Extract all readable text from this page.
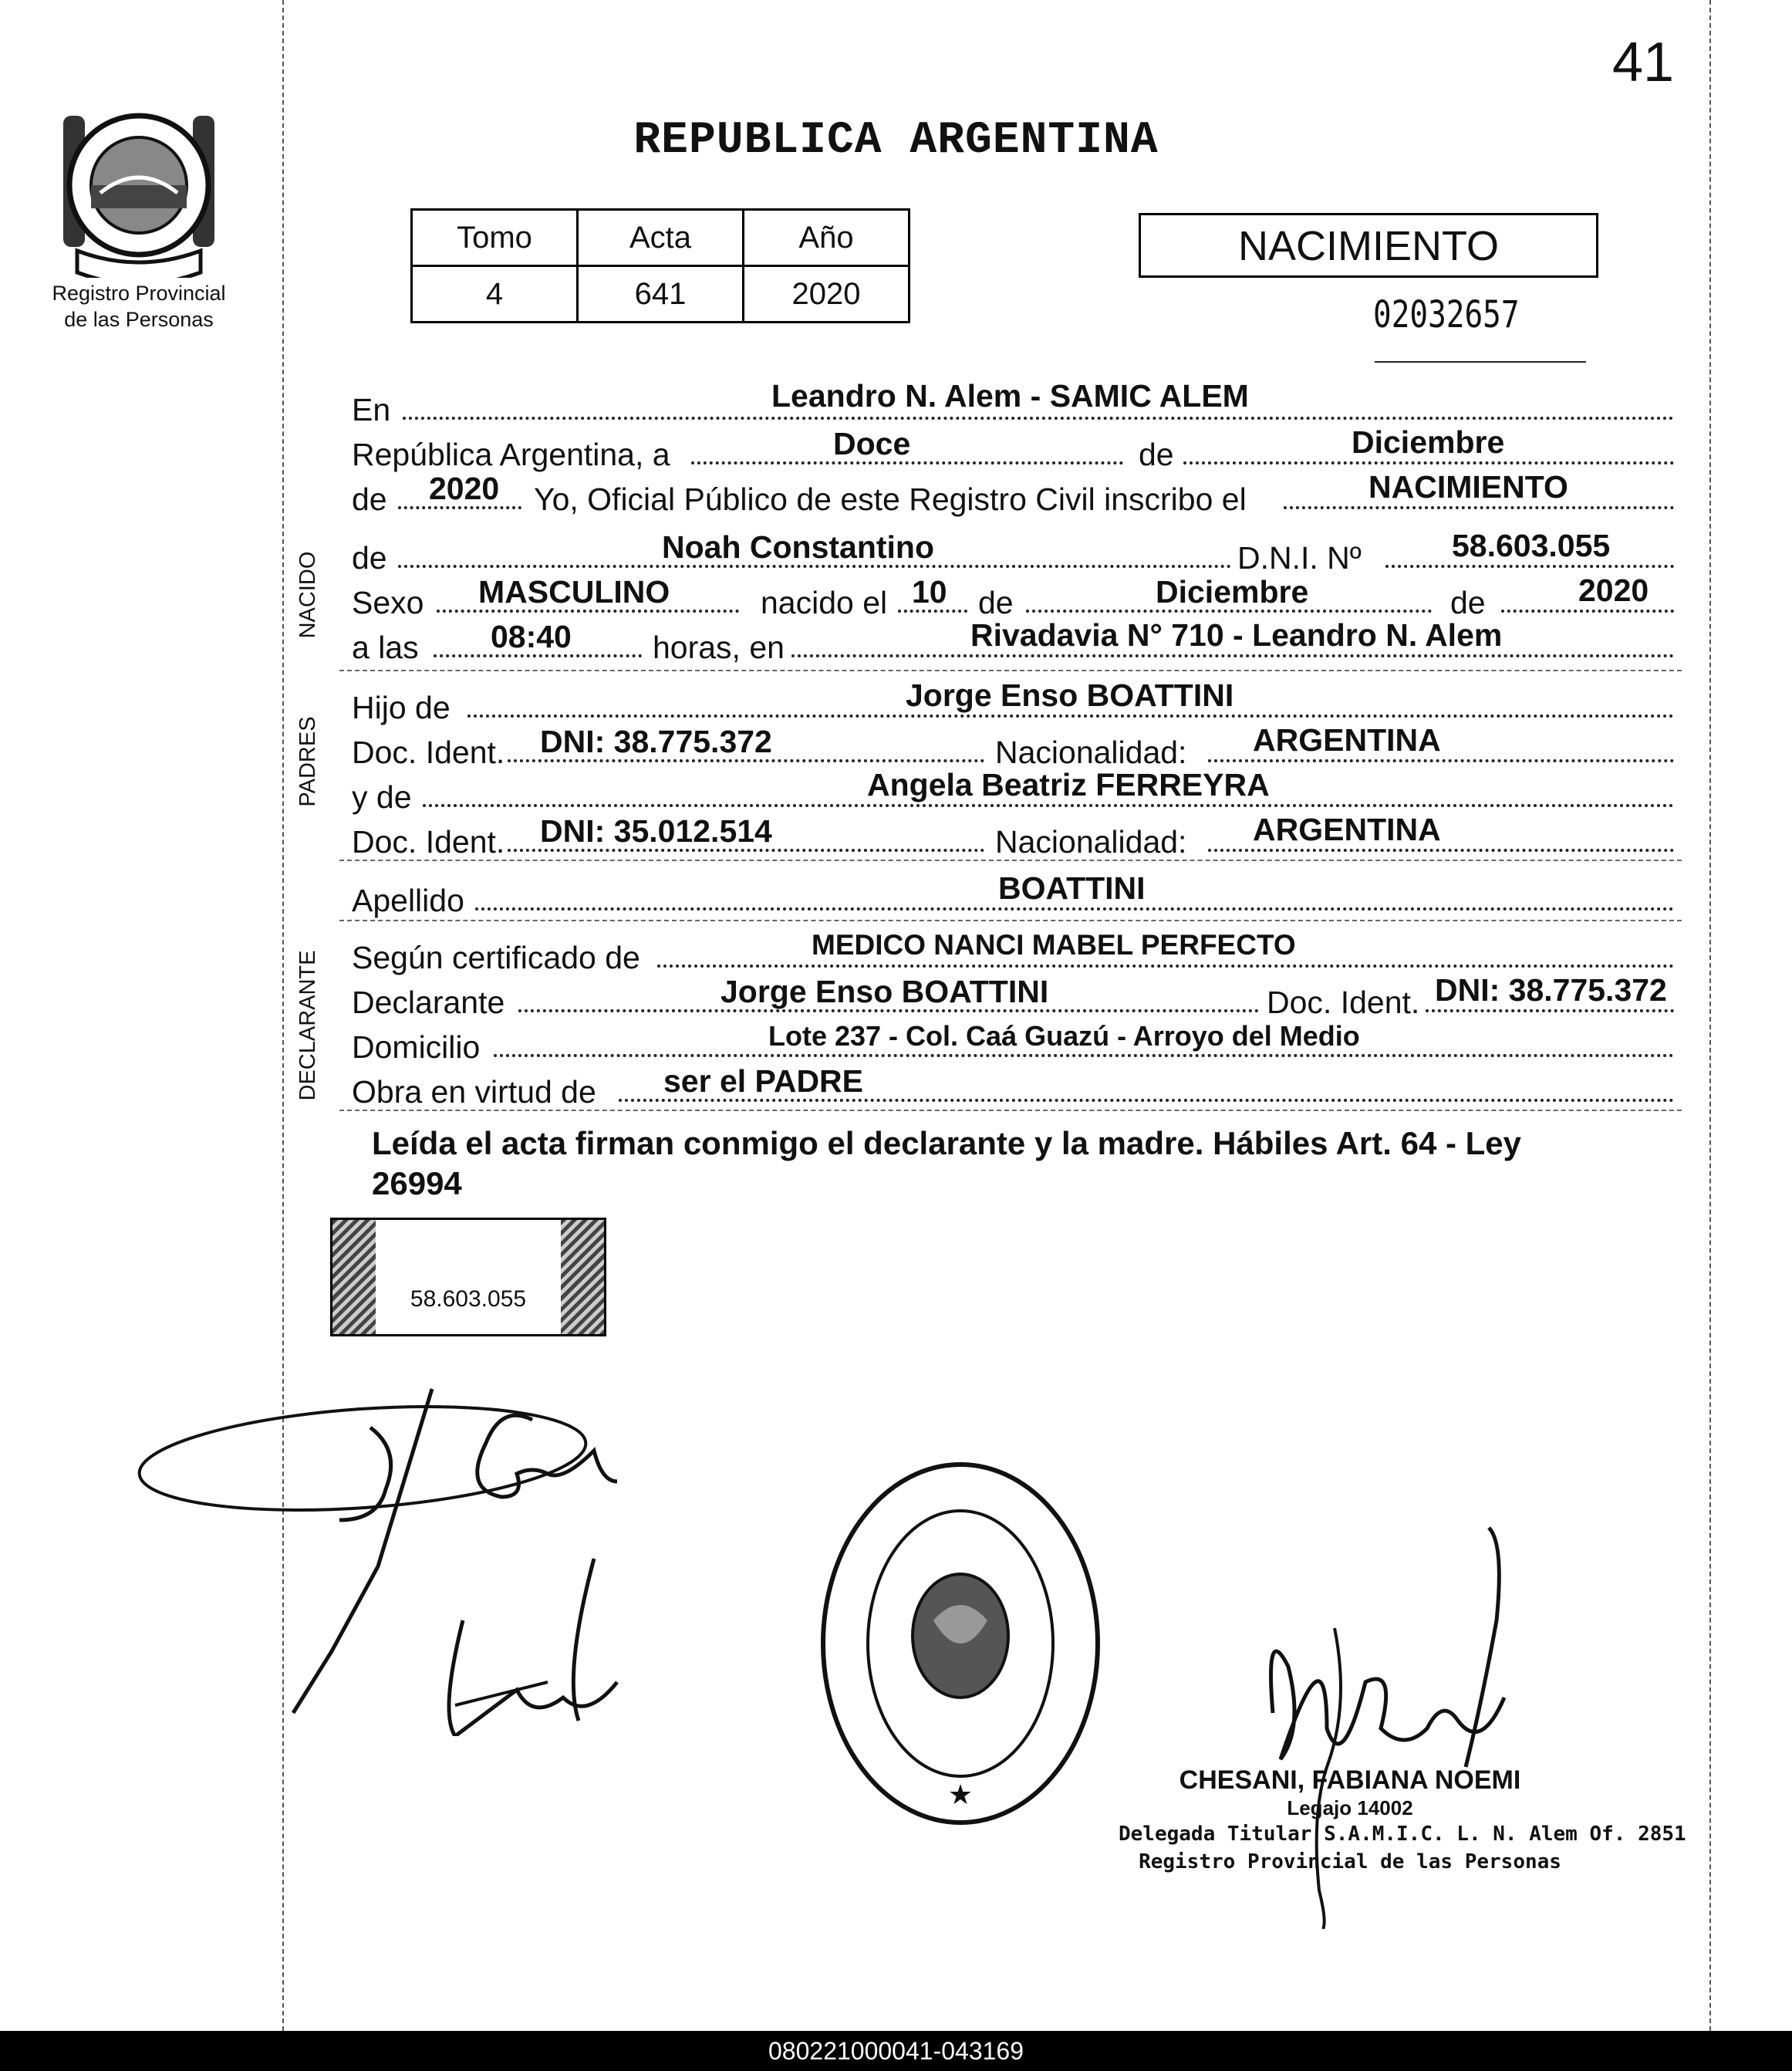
41
REPUBLICA ARGENTINA
Registro Provincial
de las Personas
Tomo	Acta	Año
4	641	2020
NACIMIENTO
02032657
En	Leandro N. Alem - SAMIC ALEM
República Argentina, a	Doce	de	Diciembre
de 2020 Yo, Oficial Público de este Registro Civil inscribo el	NACIMIENTO
NACIDO de	Noah Constantino	D.N.I. Nº	58.603.055
Sexo MASCULINO	nacido el 10 de	Diciembre	de	2020
a las 08:40	horas, en	Rivadavia N° 710 - Leandro N. Alem
PADRES
Hijo de	Jorge Enso BOATTINI
Doc. Ident. DNI: 38.775.372	Nacionalidad: ARGENTINA
y de	Angela Beatriz FERREYRA
Doc. Ident. DNI: 35.012.514	Nacionalidad: ARGENTINA
Apellido	BOATTINI
DECLARANTE Según certificado de	MEDICO NANCI MABEL PERFECTO
Declarante	Jorge Enso BOATTINI	Doc. Ident. DNI: 38.775.372
Domicilio	Lote 237 - Col. Caá Guazú - Arroyo del Medio
Obra en virtud de ser el PADRE
Leída el acta firman conmigo el declarante y la madre. Hábiles Art. 64 - Ley
26994
58.603.055
★	CHESANI, FABIANA NOEMI
Legajo 14002
Delegada Titular S.A.M.I.C. L. N. Alem Of. 2851
Registro Provincial de las Personas
080221000041-043169
